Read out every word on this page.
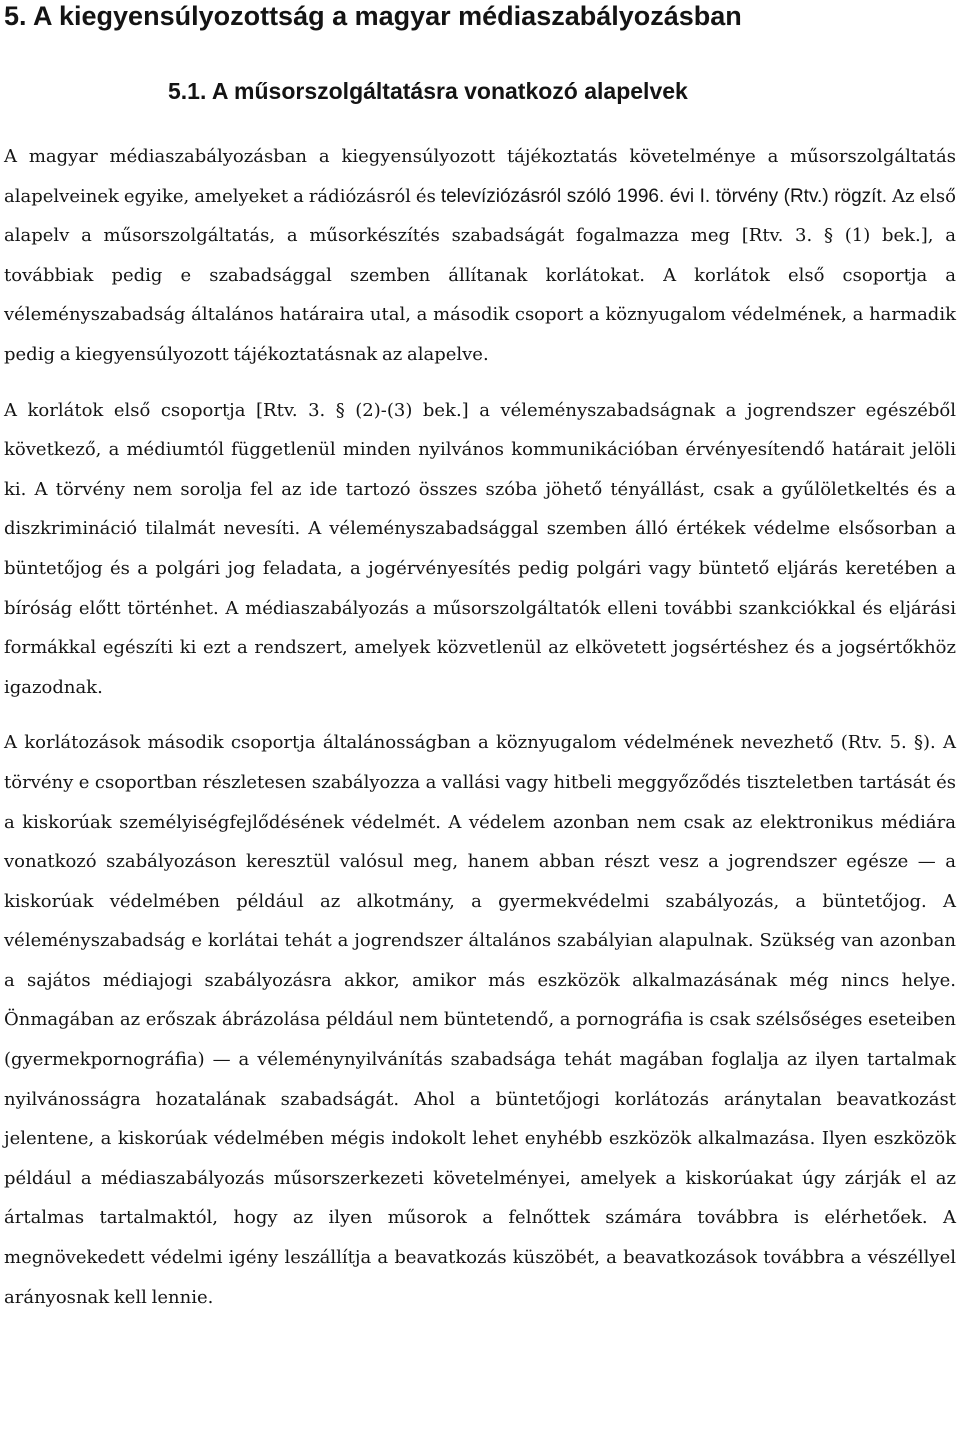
5. A kiegyensúlyozottság a magyar médiaszabályozásban
5.1. A műsorszolgáltatásra vonatkozó alapelvek

A magyar médiaszabályozásban a kiegyensúlyozott tájékoztatás követelménye a műsorszolgáltatás alapelveinek egyike, amelyeket a rádiózásról és televíziózásról szóló 1996. évi I. törvény (Rtv.) rögzít. Az első alapelv a műsorszolgáltatás, a műsorkészítés szabadságát fogalmazza meg [Rtv. 3. § (1) bek.], a továbbiak pedig e szabadsággal szemben állítanak korlátokat. A korlátok első csoportja a véleményszabadság általános határaira utal, a második csoport a köznyugalom védelmének, a harmadik pedig a kiegyensúlyozott tájékoztatásnak az alapelve.

A korlátok első csoportja [Rtv. 3. § (2)-(3) bek.] a véleményszabadságnak a jogrendszer egészéből következő, a médiumtól függetlenül minden nyilvános kommunikációban érvényesítendő határait jelöli ki. A törvény nem sorolja fel az ide tartozó összes szóba jöhető tényállást, csak a gyűlöletkeltés és a diszkrimináció tilalmát nevesíti. A véleményszabadsággal szemben álló értékek védelme elsősorban a büntetőjog és a polgári jog feladata, a jogérvényesítés pedig polgári vagy büntető eljárás keretében a bíróság előtt történhet. A médiaszabályozás a műsorszolgáltatók elleni további szankciókkal és eljárási formákkal egészíti ki ezt a rendszert, amelyek közvetlenül az elkövetett jogsértéshez és a jogsértőkhöz igazodnak.

A korlátozások második csoportja általánosságban a köznyugalom védelmének nevezhető (Rtv. 5. §). A törvény e csoportban részletesen szabályozza a vallási vagy hitbeli meggyőződés tiszteletben tartását és a kiskorúak személyiségfejlődésének védelmét. A védelem azonban nem csak az elektronikus médiára vonatkozó szabályozáson keresztül valósul meg, hanem abban részt vesz a jogrendszer egésze — a kiskorúak védelmében például az alkotmány, a gyermekvédelmi szabályozás, a büntetőjog. A véleményszabadság e korlátai tehát a jogrendszer általános szabályian alapulnak. Szükség van azonban a sajátos médiajogi szabályozásra akkor, amikor más eszközök alkalmazásának még nincs helye. Önmagában az erőszak ábrázolása például nem büntetendő, a pornográfia is csak szélsőséges eseteiben (gyermekpornográfia) — a véleménynyilvánítás szabadsága tehát magában foglalja az ilyen tartalmak nyilvánosságra hozatalának szabadságát. Ahol a büntetőjogi korlátozás aránytalan beavatkozást jelentene, a kiskorúak védelmében mégis indokolt lehet enyhébb eszközök alkalmazása. Ilyen eszközök például a médiaszabályozás műsorszerkezeti követelményei, amelyek a kiskorúakat úgy zárják el az ártalmas tartalmaktól, hogy az ilyen műsorok a felnőttek számára továbbra is elérhetőek. A megnövekedett védelmi igény leszállítja a beavatkozás küszöbét, a beavatkozások továbbra a vészéllyel arányosnak kell lennie.
